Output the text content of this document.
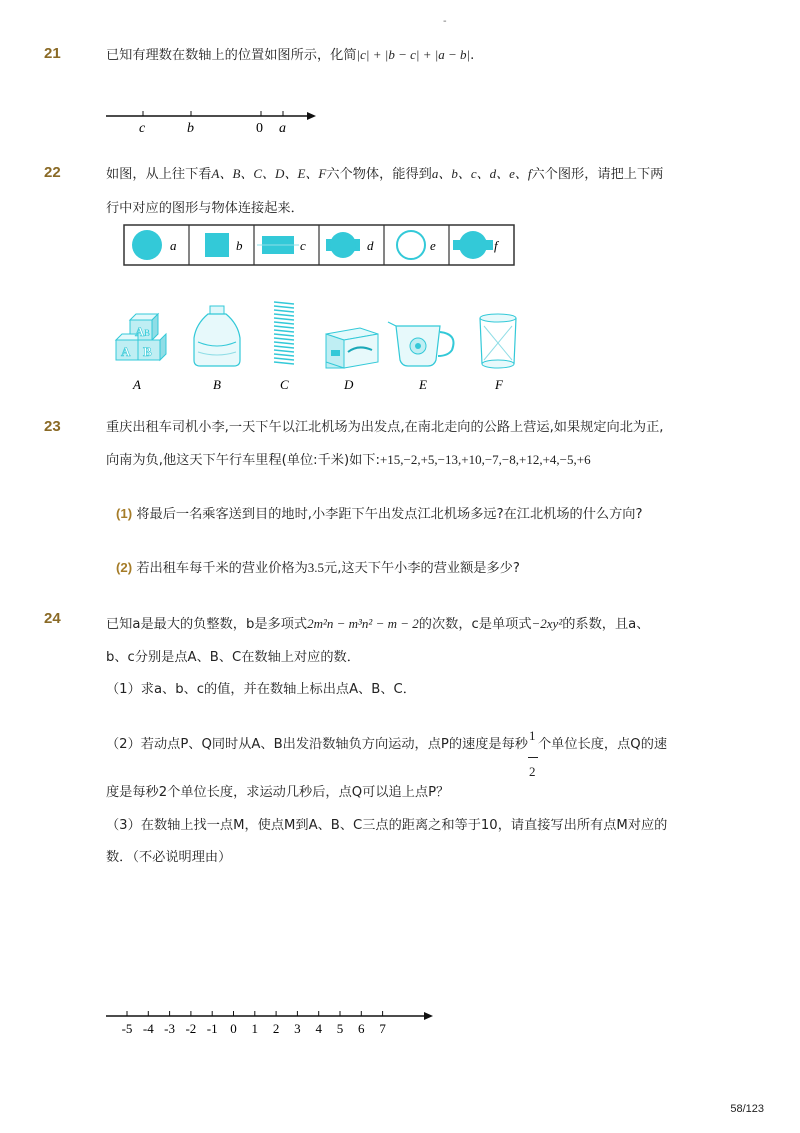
-
21	已知有理数在数轴上的位置如图所示，化简|c| + |b − c| + |a − b|.
c	b	0 a
22	如图，从上往下看A、B、C、D、E、F六个物体，能得到a、b、c、d、e、f六个图形，请把上下两
行中对应的图形与物体连接起来．
a	b	c	d	e	f
A B
A B
A	B	C	D	E	F
23	重庆出租车司机小李,一天下午以江北机场为出发点,在南北走向的公路上营运,如果规定向北为正,
向南为负,他这天下午行车里程(单位:千米)如下:+15,−2,+5,−13,+10,−7,−8,+12,+4,−5,+6
(1) 将最后一名乘客送到目的地时,小李距下午出发点江北机场多远?在江北机场的什么方向?
(2) 若出租车每千米的营业价格为3.5元,这天下午小李的营业额是多少?
24	已知a是最大的负整数，b是多项式2m²n − m³n² − m − 2的次数，c是单项式−2xy²的系数，且a、
b、c分别是点A、B、C在数轴上对应的数．
（1）求a、b、c的值，并在数轴上标出点A、B、C．
（2）若动点P、Q同时从A、B出发沿数轴负方向运动，点P的速度是每秒
$\frac{1}{2}$
个单位长度，点Q的速
度是每秒2个单位长度，求运动几秒后，点Q可以追上点P？
（3）在数轴上找一点M，使点M到A、B、C三点的距离之和等于10，请直接写出所有点M对应的
数．（不必说明理由）
-5 -4 -3 -2 -1 0 1 2 3 4 5 6 7
58/123
